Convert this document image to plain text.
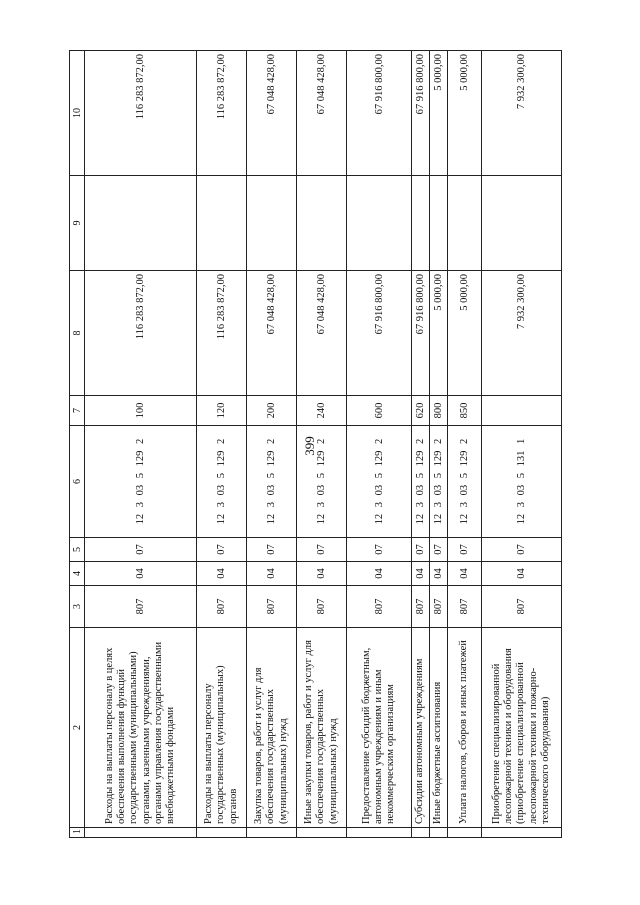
399
1	2	3	4	5	6	7	8	9	10
	Расходы на выплаты персоналу в целях обеспечения выполнения функций государственными (муниципальными) органами, казенными учреждениями, органами управления государственными внебюджетными фондами	807	04	07	12 3 03 5 129 2	100	116 283 872,00		116 283 872,00
	Расходы на выплаты персоналу государственных (муниципальных) органов	807	04	07	12 3 03 5 129 2	120	116 283 872,00		116 283 872,00
	Закупка товаров, работ и услуг для обеспечения государственных (муниципальных) нужд	807	04	07	12 3 03 5 129 2	200	67 048 428,00		67 048 428,00
	Иные закупки товаров, работ и услуг для обеспечения государственных (муниципальных) нужд	807	04	07	12 3 03 5 129 2	240	67 048 428,00		67 048 428,00
	Предоставление субсидий бюджетным, автономным учреждениям и иным некоммерческим организациям	807	04	07	12 3 03 5 129 2	600	67 916 800,00		67 916 800,00
	Субсидии автономным учреждениям	807	04	07	12 3 03 5 129 2	620	67 916 800,00		67 916 800,00
	Иные бюджетные ассигнования	807	04	07	12 3 03 5 129 2	800	5 000,00		5 000,00
	Уплата налогов, сборов и иных платежей	807	04	07	12 3 03 5 129 2	850	5 000,00		5 000,00
	Приобретение специализированной лесопожарной техники и оборудования (приобретение специализированной лесопожарной техники и пожарно-технического оборудования)	807	04	07	12 3 03 5 131 1		7 932 300,00		7 932 300,00
